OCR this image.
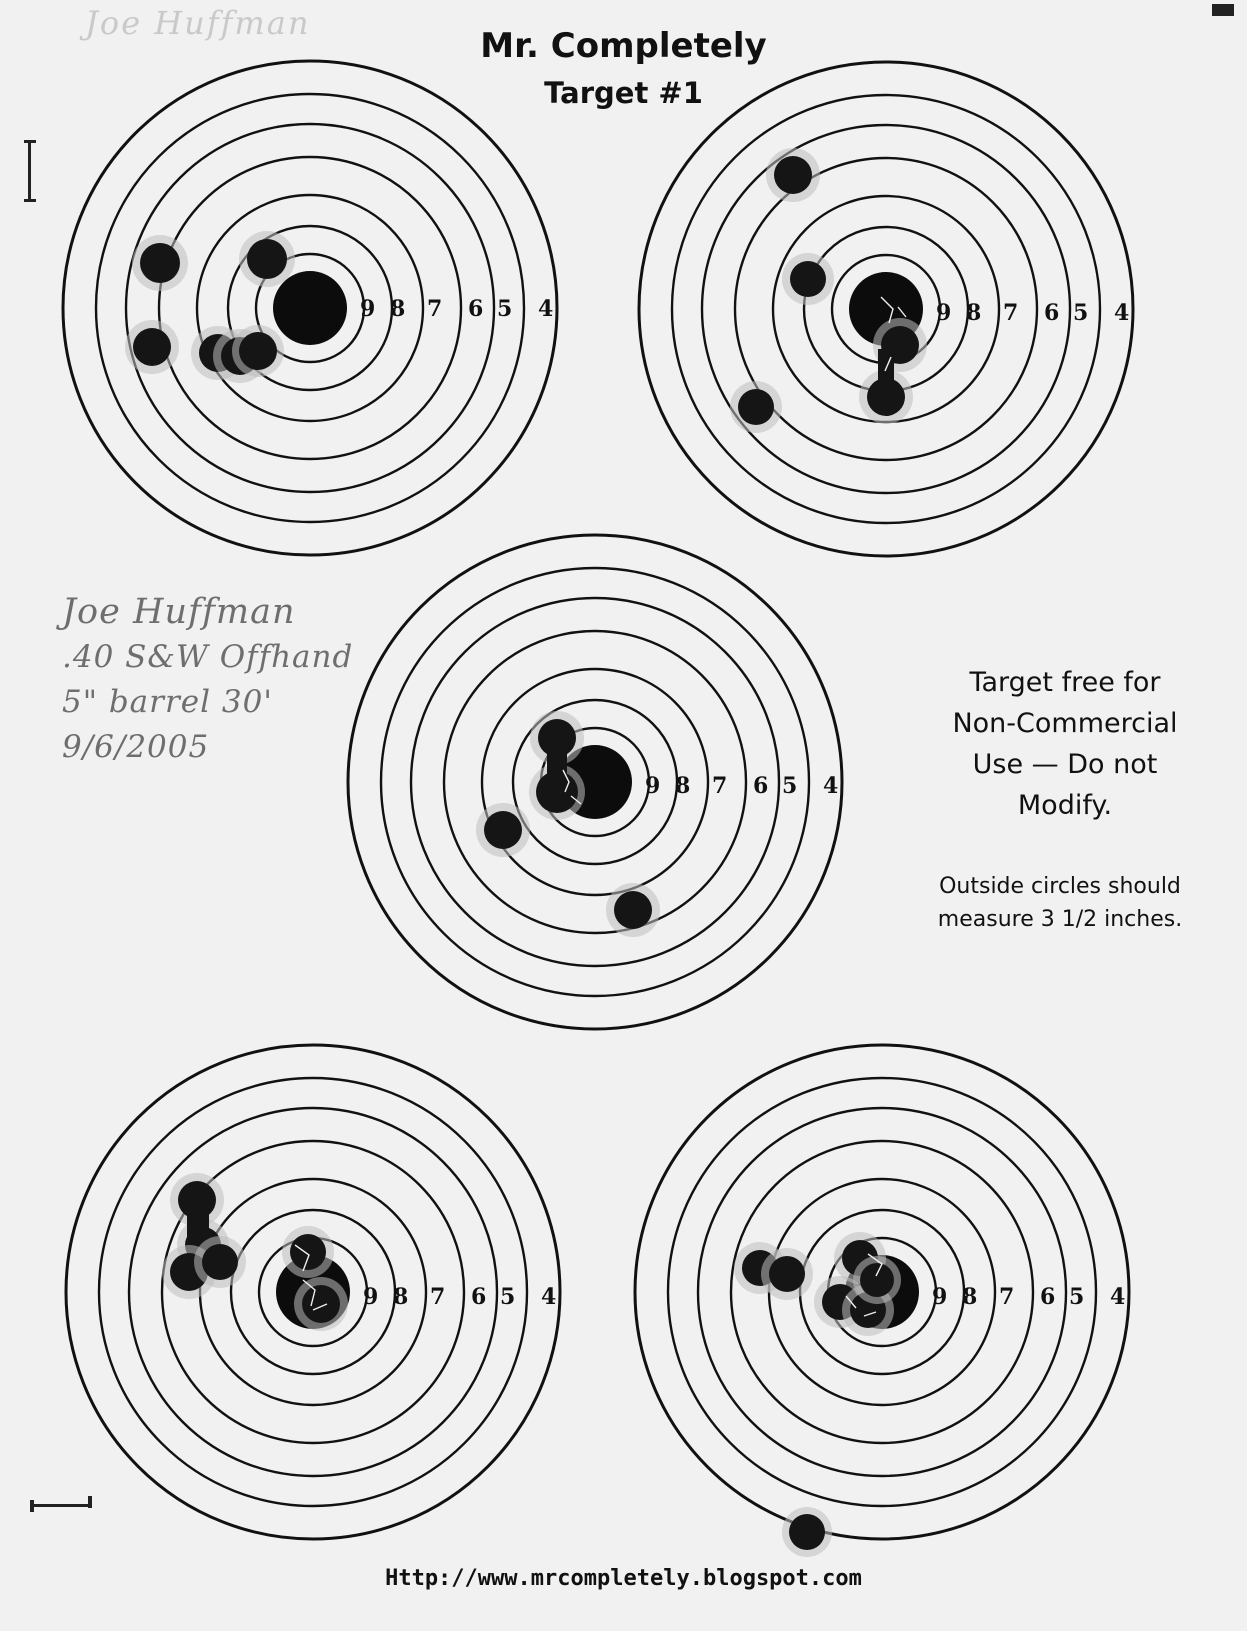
Joe Huffman
Mr. Completely
Target #1
9 8 7 6 5 4	9 8 7 6 5 4
9 8 7 6 5 4
9 8 7 6 5 4	9 8 7 6 5 4
Joe Huffman
.40 S&W Offhand
5" barrel 30'
9/6/2005
Target free for
Non-Commercial
Use — Do not
Modify.
Outside circles should
measure 3 1/2 inches.
Http://www.mrcompletely.blogspot.com
